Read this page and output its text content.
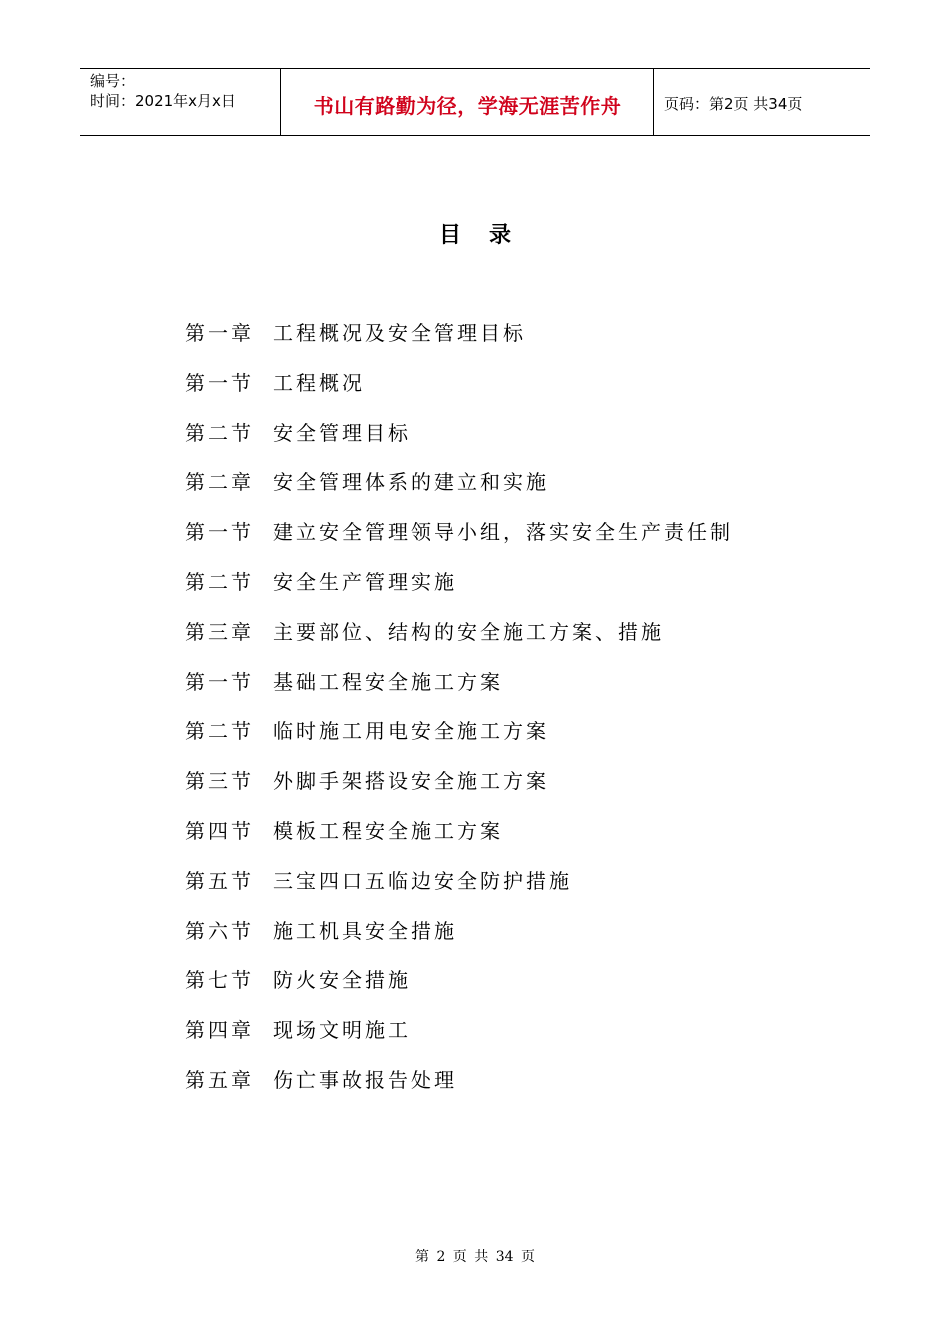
编号：
时间：2021年x月x日	书山有路勤为径，学海无涯苦作舟	页码：第2页 共34页
目录
第一章 工程概况及安全管理目标
第一节 工程概况
第二节 安全管理目标
第二章 安全管理体系的建立和实施
第一节 建立安全管理领导小组，落实安全生产责任制
第二节 安全生产管理实施
第三章 主要部位、结构的安全施工方案、措施
第一节 基础工程安全施工方案
第二节 临时施工用电安全施工方案
第三节 外脚手架搭设安全施工方案
第四节 模板工程安全施工方案
第五节 三宝四口五临边安全防护措施
第六节 施工机具安全措施
第七节 防火安全措施
第四章 现场文明施工
第五章 伤亡事故报告处理
第 2 页 共 34 页
